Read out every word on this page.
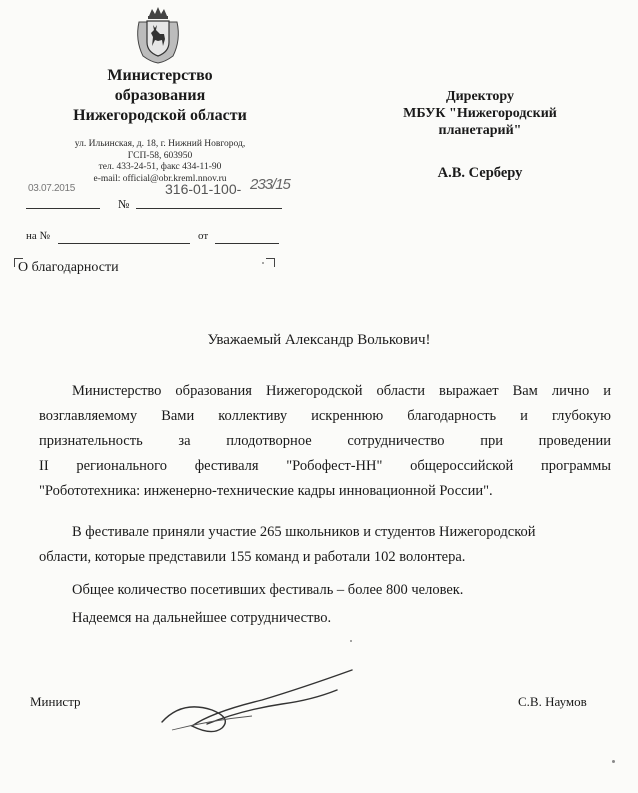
Министерство
образования
Нижегородской области
ул. Ильинская, д. 18, г. Нижний Новгород,
ГСП-58, 603950
тел. 433-24-51, факс 434-11-90
e-mail: official@obr.kreml.nnov.ru
03.07.2015
№
316-01-100- 233/15
на №	от
О благодарности
Директору
МБУК "Нижегородский
планетарий"
А.В. Серберу
Уважаемый Александр Волькович!
Министерство образования Нижегородской области выражает Вам лично и
возглавляемому Вами коллективу искреннюю благодарность и глубокую
признательность за плодотворное сотрудничество при проведении
II регионального фестиваля "Робофест-НН" общероссийской программы
"Робототехника: инженерно-технические кадры инновационной России".
В фестивале приняли участие 265 школьников и студентов Нижегородской
области, которые представили 155 команд и работали 102 волонтера.
Общее количество посетивших фестиваль – более 800 человек.
Надеемся на дальнейшее сотрудничество.
Министр	С.В. Наумов
